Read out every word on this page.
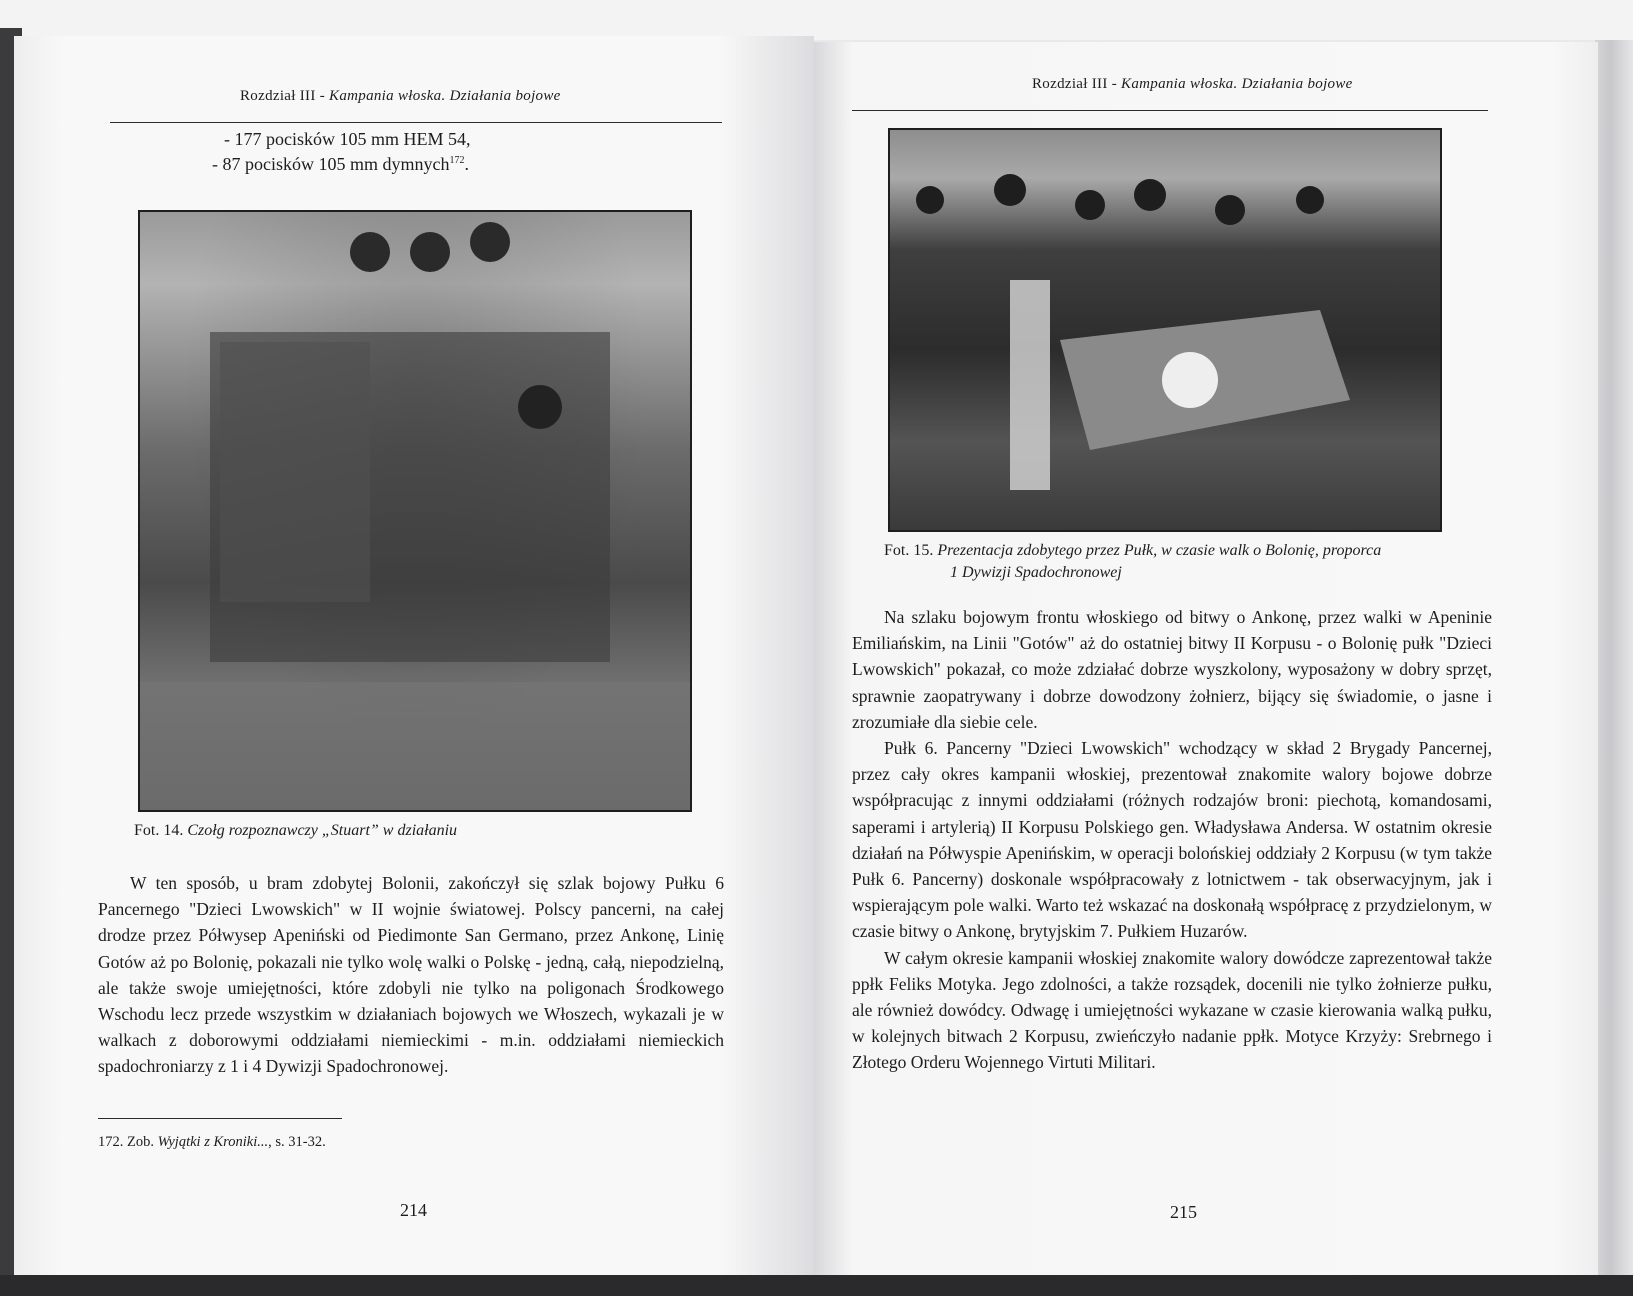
Rozdział III - Kampania włoska. Działania bojowe
- 177 pocisków 105 mm HEM 54,
- 87 pocisków 105 mm dymnych$^{172}$.
Fot. 14. Czołg rozpoznawczy „Stuart” w działaniu

W ten sposób, u bram zdobytej Bolonii, zakończył się szlak bojowy Pułku 6 Pancernego "Dzieci Lwowskich" w II wojnie światowej. Polscy pancerni, na całej drodze przez Półwysep Apeniński od Piedimonte San Germano, przez Ankonę, Linię Gotów aż po Bolonię, pokazali nie tylko wolę walki o Polskę - jedną, całą, niepodzielną, ale także swoje umiejętności, które zdobyli nie tylko na poligonach Środkowego Wschodu lecz przede wszystkim w działaniach bojowych we Włoszech, wykazali je w walkach z doborowymi oddziałami niemieckimi - m.in. oddziałami niemieckich spadochroniarzy z 1 i 4 Dywizji Spadochronowej.

172. Zob. Wyjątki z Kroniki..., s. 31-32.
214
Rozdział III - Kampania włoska. Działania bojowe
Fot. 15. Prezentacja zdobytego przez Pułk, w czasie walk o Bolonię, proporca
1 Dywizji Spadochronowej

Na szlaku bojowym frontu włoskiego od bitwy o Ankonę, przez walki w Apeninie Emiliańskim, na Linii "Gotów" aż do ostatniej bitwy II Korpusu - o Bolonię pułk "Dzieci Lwowskich" pokazał, co może zdziałać dobrze wyszkolony, wyposażony w dobry sprzęt, sprawnie zaopatrywany i dobrze dowodzony żołnierz, bijący się świadomie, o jasne i zrozumiałe dla siebie cele.

Pułk 6. Pancerny "Dzieci Lwowskich" wchodzący w skład 2 Brygady Pancernej, przez cały okres kampanii włoskiej, prezentował znakomite walory bojowe dobrze współpracując z innymi oddziałami (różnych rodzajów broni: piechotą, komandosami, saperami i artylerią) II Korpusu Polskiego gen. Władysława Andersa. W ostatnim okresie działań na Półwyspie Apenińskim, w operacji bolońskiej oddziały 2 Korpusu (w tym także Pułk 6. Pancerny) doskonale współpracowały z lotnictwem - tak obserwacyjnym, jak i wspierającym pole walki. Warto też wskazać na doskonałą współpracę z przydzielonym, w czasie bitwy o Ankonę, brytyjskim 7. Pułkiem Huzarów.

W całym okresie kampanii włoskiej znakomite walory dowódcze zaprezentował także ppłk Feliks Motyka. Jego zdolności, a także rozsądek, docenili nie tylko żołnierze pułku, ale również dowódcy. Odwagę i umiejętności wykazane w czasie kierowania walką pułku, w kolejnych bitwach 2 Korpusu, zwieńczyło nadanie ppłk. Motyce Krzyży: Srebrnego i Złotego Orderu Wojennego Virtuti Militari.

215
